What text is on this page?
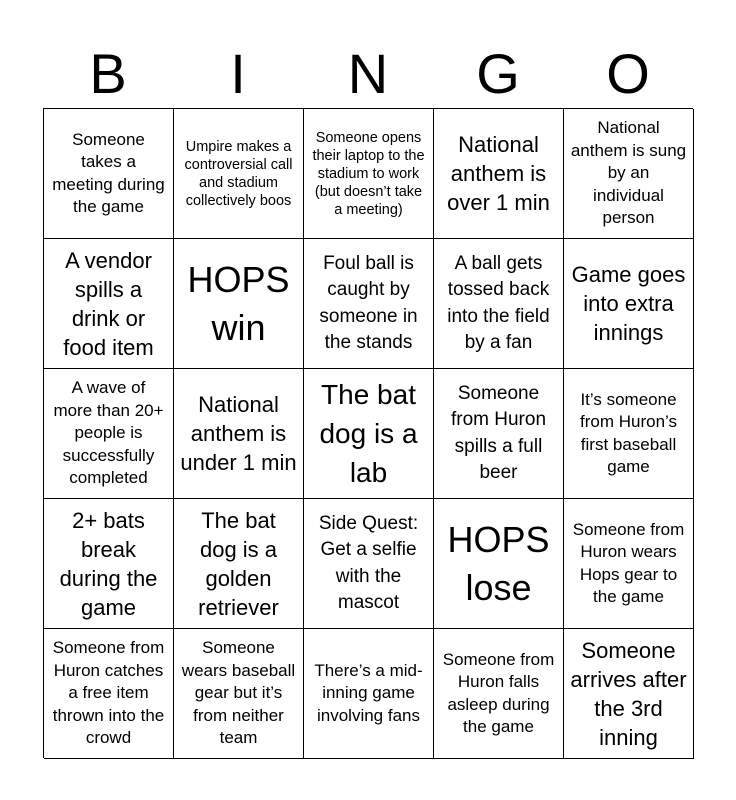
B	I	N	G	O
Someone takes a meeting during the game
Umpire makes a controversial call and stadium collectively boos
Someone opens their laptop to the stadium to work (but doesn’t take a meeting)
National anthem is over 1 min
National anthem is sung by an individual person
A vendor spills a drink or food item
HOPS win
Foul ball is caught by someone in the stands
A ball gets tossed back into the field by a fan
Game goes into extra innings
A wave of more than 20+ people is successfully completed
National anthem is under 1 min
The bat dog is a lab
Someone from Huron spills a full beer
It’s someone from Huron’s first baseball game
2+ bats break during the game
The bat dog is a golden retriever
Side Quest: Get a selfie with the mascot
HOPS lose
Someone from Huron wears Hops gear to the game
Someone from Huron catches a free item thrown into the crowd
Someone wears baseball gear but it’s from neither team
There’s a mid-inning game involving fans
Someone from Huron falls asleep during the game
Someone arrives after the 3rd inning
